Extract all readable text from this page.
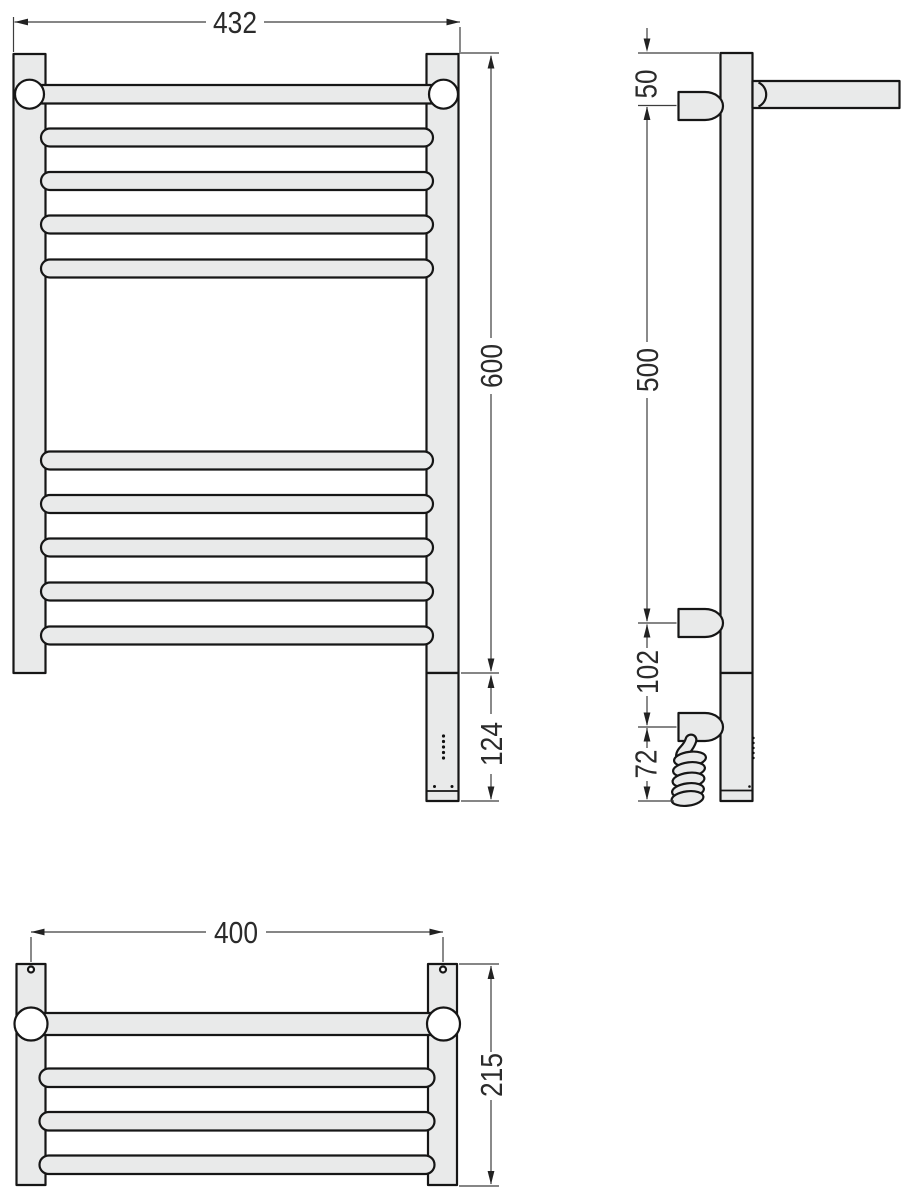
432
600
124
50
500
102
72
400
215
